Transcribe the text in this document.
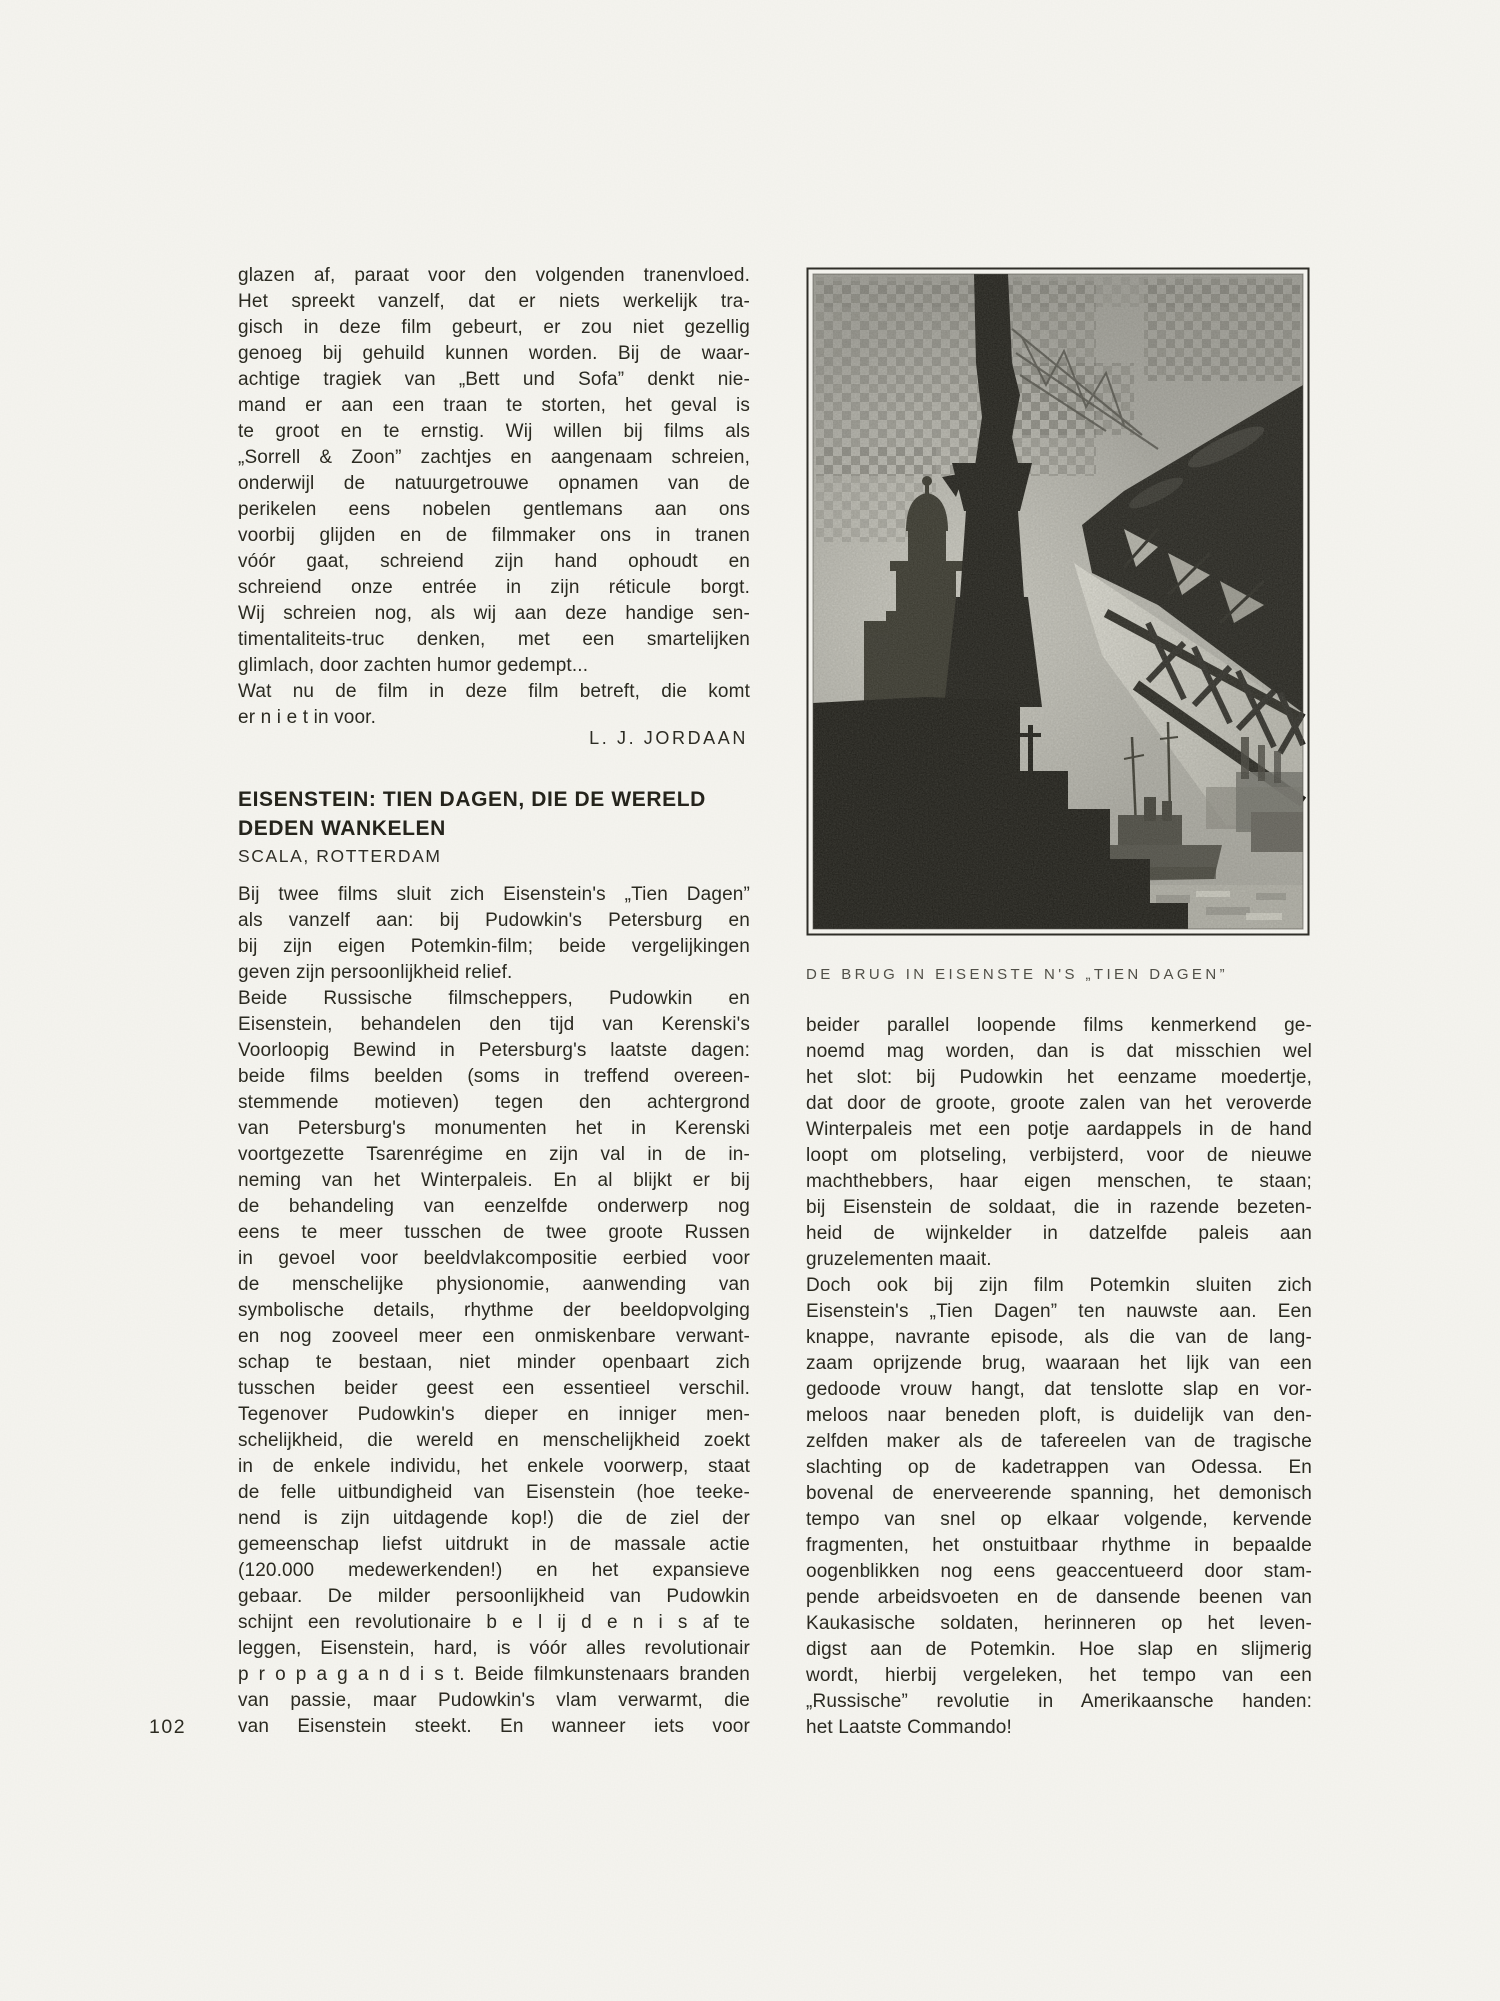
glazen af, paraat voor den volgenden tranenvloed.
Het spreekt vanzelf, dat er niets werkelijk tra-
gisch in deze film gebeurt, er zou niet gezellig
genoeg bij gehuild kunnen worden. Bij de waar-
achtige tragiek van „Bett und Sofa” denkt nie-
mand er aan een traan te storten, het geval is
te groot en te ernstig. Wij willen bij films als
„Sorrell & Zoon” zachtjes en aangenaam schreien,
onderwijl de natuurgetrouwe opnamen van de
perikelen eens nobelen gentlemans aan ons
voorbij glijden en de filmmaker ons in tranen
vóór gaat, schreiend zijn hand ophoudt en
schreiend onze entrée in zijn réticule borgt.
Wij schreien nog, als wij aan deze handige sen-
timentaliteits-truc denken, met een smartelijken
glimlach, door zachten humor gedempt...
Wat nu de film in deze film betreft, die komt
er n i e t in voor.
L. J. JORDAAN
EISENSTEIN: TIEN DAGEN, DIE DE WERELD
DEDEN WANKELEN
SCALA, ROTTERDAM
Bij twee films sluit zich Eisenstein's „Tien Dagen”
als vanzelf aan: bij Pudowkin's Petersburg en
bij zijn eigen Potemkin-film; beide vergelijkingen
geven zijn persoonlijkheid relief.
Beide Russische filmscheppers, Pudowkin en
Eisenstein, behandelen den tijd van Kerenski's
Voorloopig Bewind in Petersburg's laatste dagen:
beide films beelden (soms in treffend overeen-
stemmende motieven) tegen den achtergrond
van Petersburg's monumenten het in Kerenski
voortgezette Tsarenrégime en zijn val in de in-
neming van het Winterpaleis. En al blijkt er bij
de behandeling van eenzelfde onderwerp nog
eens te meer tusschen de twee groote Russen
in gevoel voor beeldvlakcompositie eerbied voor
de menschelijke physionomie, aanwending van
symbolische details, rhythme der beeldopvolging
en nog zooveel meer een onmiskenbare verwant-
schap te bestaan, niet minder openbaart zich
tusschen beider geest een essentieel verschil.
Tegenover Pudowkin's dieper en inniger men-
schelijkheid, die wereld en menschelijkheid zoekt
in de enkele individu, het enkele voorwerp, staat
de felle uitbundigheid van Eisenstein (hoe teeke-
nend is zijn uitdagende kop!) die de ziel der
gemeenschap liefst uitdrukt in de massale actie
(120.000 medewerkenden!) en het expansieve
gebaar. De milder persoonlijkheid van Pudowkin
schijnt een revolutionaire b e l ij d e n i s af te
leggen, Eisenstein, hard, is vóór alles revolutionair
p r o p a g a n d i s t. Beide filmkunstenaars branden
van passie, maar Pudowkin's vlam verwarmt, die
van Eisenstein steekt. En wanneer iets voor
102
DE BRUG IN EISENSTE N'S „TIEN DAGEN”
beider parallel loopende films kenmerkend ge-
noemd mag worden, dan is dat misschien wel
het slot: bij Pudowkin het eenzame moedertje,
dat door de groote, groote zalen van het veroverde
Winterpaleis met een potje aardappels in de hand
loopt om plotseling, verbijsterd, voor de nieuwe
machthebbers, haar eigen menschen, te staan;
bij Eisenstein de soldaat, die in razende bezeten-
heid de wijnkelder in datzelfde paleis aan
gruzelementen maait.
Doch ook bij zijn film Potemkin sluiten zich
Eisenstein's „Tien Dagen” ten nauwste aan. Een
knappe, navrante episode, als die van de lang-
zaam oprijzende brug, waaraan het lijk van een
gedoode vrouw hangt, dat tenslotte slap en vor-
meloos naar beneden ploft, is duidelijk van den-
zelfden maker als de tafereelen van de tragische
slachting op de kadetrappen van Odessa. En
bovenal de enerveerende spanning, het demonisch
tempo van snel op elkaar volgende, kervende
fragmenten, het onstuitbaar rhythme in bepaalde
oogenblikken nog eens geaccentueerd door stam-
pende arbeidsvoeten en de dansende beenen van
Kaukasische soldaten, herinneren op het leven-
digst aan de Potemkin. Hoe slap en slijmerig
wordt, hierbij vergeleken, het tempo van een
„Russische” revolutie in Amerikaansche handen:
het Laatste Commando!
